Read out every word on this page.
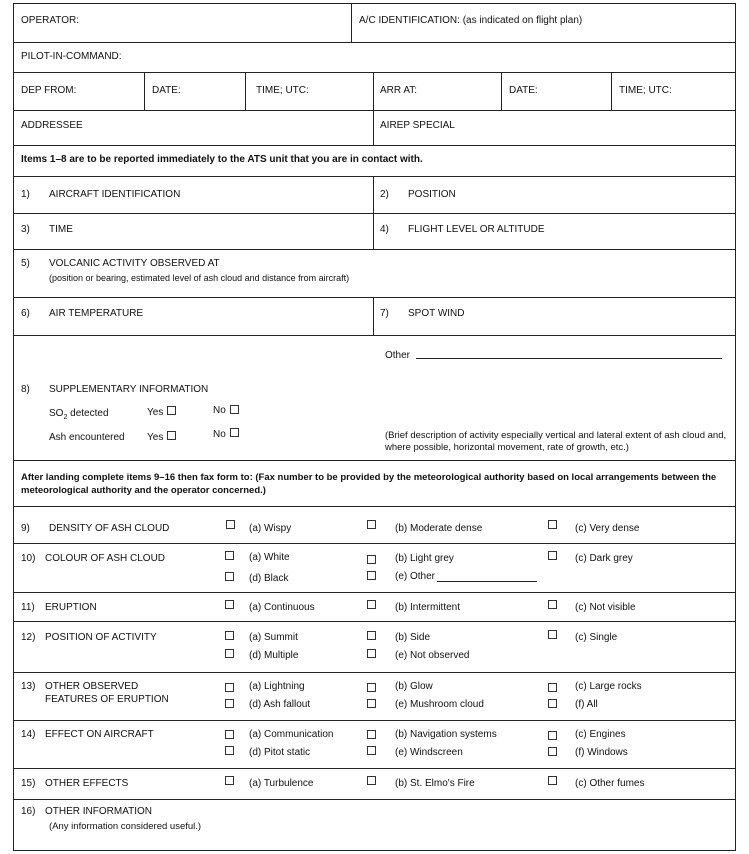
OPERATOR:	A/C IDENTIFICATION: (as indicated on flight plan)
PILOT-IN-COMMAND:
DEP FROM:	DATE:	TIME; UTC:	ARR AT:	DATE:	TIME; UTC:
ADDRESSEE	AIREP SPECIAL
Items 1–8 are to be reported immediately to the ATS unit that you are in contact with.
1) AIRCRAFT IDENTIFICATION	2) POSITION
3) TIME	4) FLIGHT LEVEL OR ALTITUDE
5) VOLCANIC ACTIVITY OBSERVED AT
(position or bearing, estimated level of ash cloud and distance from aircraft)
6) AIR TEMPERATURE	7) SPOT WIND
Other
8) SUPPLEMENTARY INFORMATION
$SO_2$ detected	Yes	No
Ash encountered Yes	No	(Brief description of activity especially vertical and lateral extent of ash cloud and,
where possible, horizontal movement, rate of growth, etc.)
After landing complete items 9–16 then fax form to: (Fax number to be provided by the meteorological authority based on local arrangements between the
meteorological authority and the operator concerned.)
9) DENSITY OF ASH CLOUD	(a) Wispy	(b) Moderate dense	(c) Very dense
10) COLOUR OF ASH CLOUD	(a) White	(b) Light grey	(c) Dark grey
(d) Black	(e) Other
11) ERUPTION	(a) Continuous	(b) Intermittent	(c) Not visible
12) POSITION OF ACTIVITY	(a) Summit	(b) Side	(c) Single
(d) Multiple	(e) Not observed
13) OTHER OBSERVED
FEATURES OF ERUPTION
(a) Lightning	(b) Glow	(c) Large rocks
(d) Ash fallout	(e) Mushroom cloud	(f) All
14) EFFECT ON AIRCRAFT	(a) Communication	(b) Navigation systems	(c) Engines
(d) Pitot static	(e) Windscreen	(f) Windows
15) OTHER EFFECTS	(a) Turbulence	(b) St. Elmo's Fire	(c) Other fumes
16) OTHER INFORMATION
(Any information considered useful.)
